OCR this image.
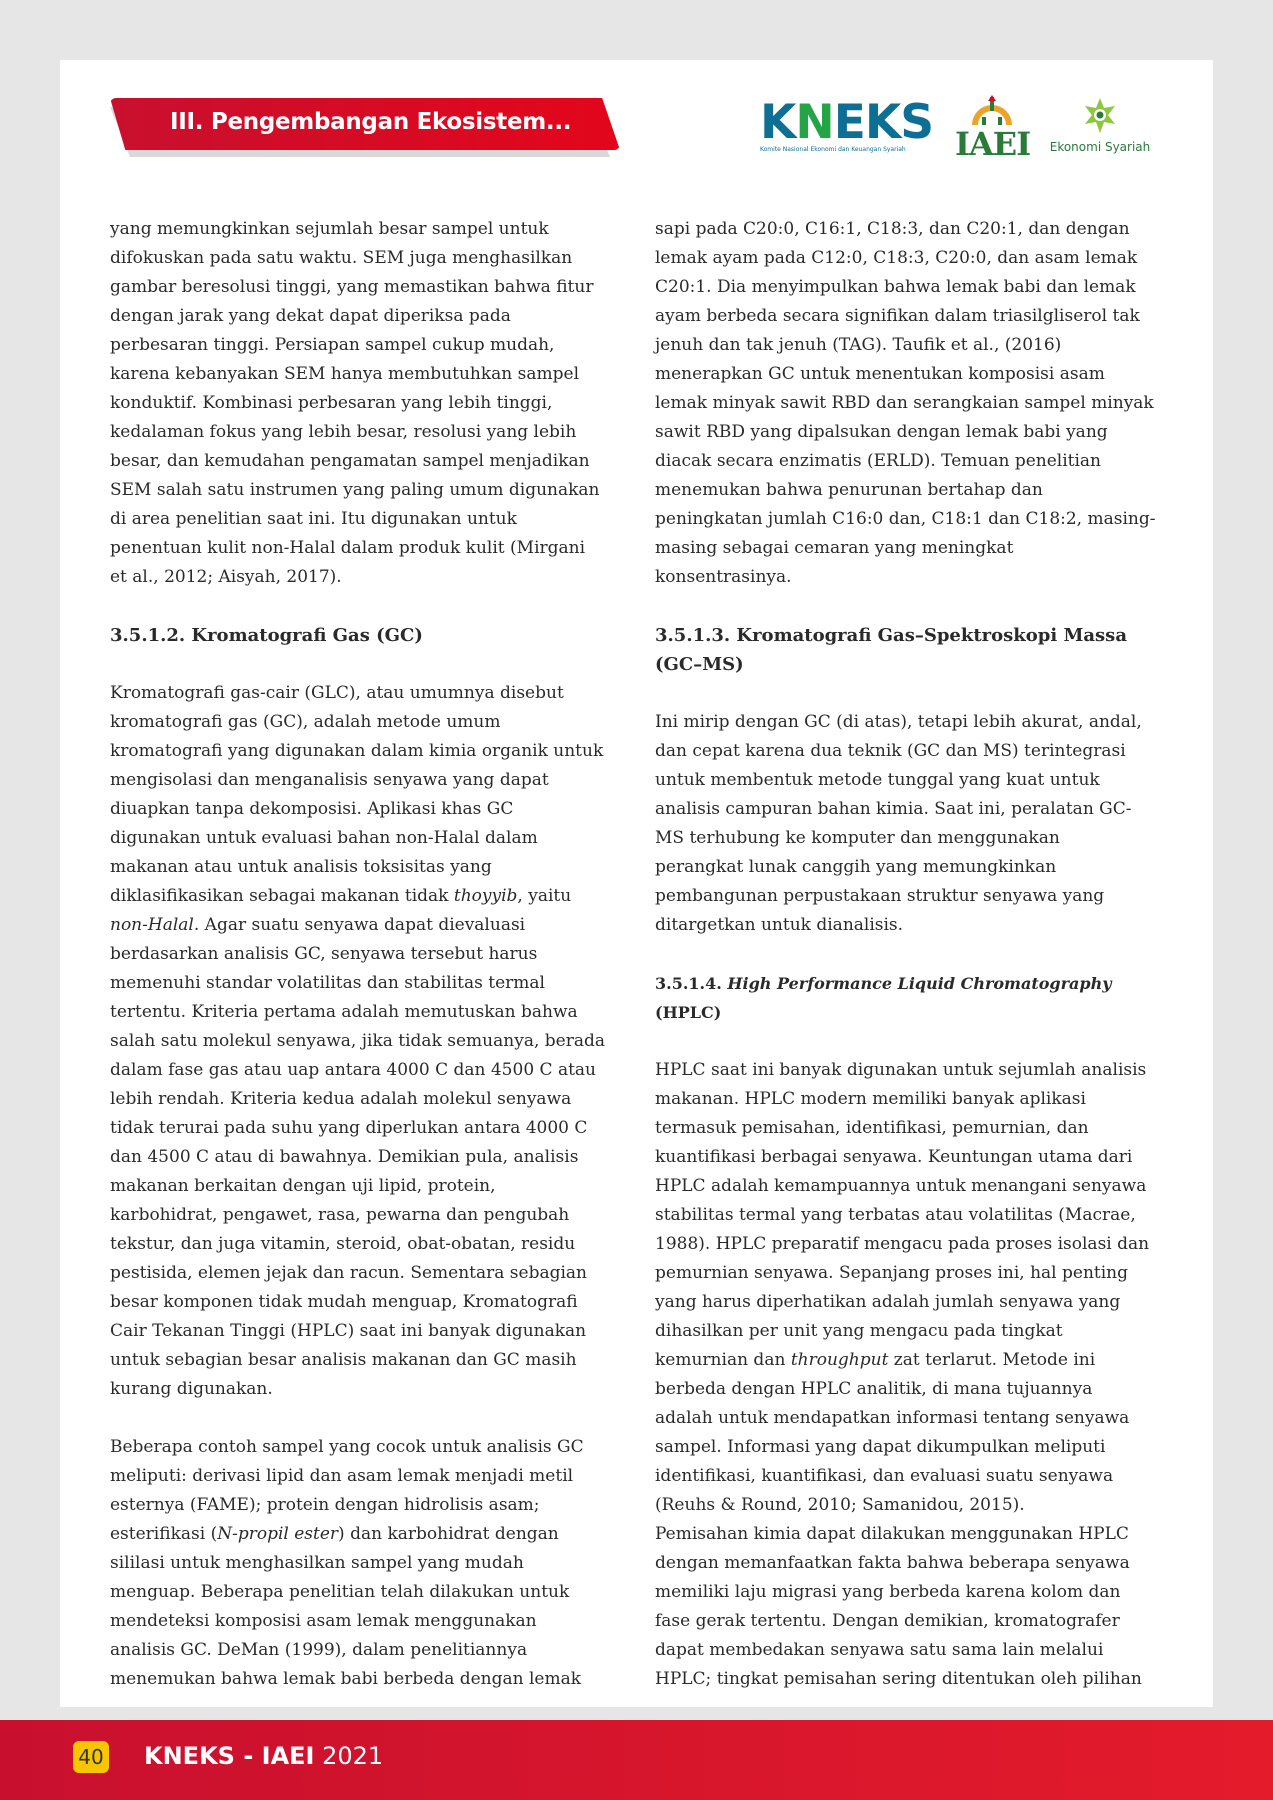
III. Pengembangan Ekosistem...	KNEKS
Komite Nasional Ekonomi dan Keuangan Syariah	IAEI	Ekonomi Syariah

yang memungkinkan sejumlah besar sampel untuk
difokuskan pada satu waktu. SEM juga menghasilkan
gambar beresolusi tinggi, yang memastikan bahwa fitur
dengan jarak yang dekat dapat diperiksa pada
perbesaran tinggi. Persiapan sampel cukup mudah,
karena kebanyakan SEM hanya membutuhkan sampel
konduktif. Kombinasi perbesaran yang lebih tinggi,
kedalaman fokus yang lebih besar, resolusi yang lebih
besar, dan kemudahan pengamatan sampel menjadikan
SEM salah satu instrumen yang paling umum digunakan
di area penelitian saat ini. Itu digunakan untuk
penentuan kulit non-Halal dalam produk kulit (Mirgani
et al., 2012; Aisyah, 2017).

3.5.1.2. Kromatografi Gas (GC)

Kromatografi gas-cair (GLC), atau umumnya disebut
kromatografi gas (GC), adalah metode umum
kromatografi yang digunakan dalam kimia organik untuk
mengisolasi dan menganalisis senyawa yang dapat
diuapkan tanpa dekomposisi. Aplikasi khas GC
digunakan untuk evaluasi bahan non-Halal dalam
makanan atau untuk analisis toksisitas yang
diklasifikasikan sebagai makanan tidak thoyyib, yaitu
non-Halal. Agar suatu senyawa dapat dievaluasi
berdasarkan analisis GC, senyawa tersebut harus
memenuhi standar volatilitas dan stabilitas termal
tertentu. Kriteria pertama adalah memutuskan bahwa
salah satu molekul senyawa, jika tidak semuanya, berada
dalam fase gas atau uap antara 4000 C dan 4500 C atau
lebih rendah. Kriteria kedua adalah molekul senyawa
tidak terurai pada suhu yang diperlukan antara 4000 C
dan 4500 C atau di bawahnya. Demikian pula, analisis
makanan berkaitan dengan uji lipid, protein,
karbohidrat, pengawet, rasa, pewarna dan pengubah
tekstur, dan juga vitamin, steroid, obat-obatan, residu
pestisida, elemen jejak dan racun. Sementara sebagian
besar komponen tidak mudah menguap, Kromatografi
Cair Tekanan Tinggi (HPLC) saat ini banyak digunakan
untuk sebagian besar analisis makanan dan GC masih
kurang digunakan.

Beberapa contoh sampel yang cocok untuk analisis GC
meliputi: derivasi lipid dan asam lemak menjadi metil
esternya (FAME); protein dengan hidrolisis asam;
esterifikasi (N-propil ester) dan karbohidrat dengan
sililasi untuk menghasilkan sampel yang mudah
menguap. Beberapa penelitian telah dilakukan untuk
mendeteksi komposisi asam lemak menggunakan
analisis GC. DeMan (1999), dalam penelitiannya
menemukan bahwa lemak babi berbeda dengan lemak

sapi pada C20:0, C16:1, C18:3, dan C20:1, dan dengan
lemak ayam pada C12:0, C18:3, C20:0, dan asam lemak
C20:1. Dia menyimpulkan bahwa lemak babi dan lemak
ayam berbeda secara signifikan dalam triasilgliserol tak
jenuh dan tak jenuh (TAG). Taufik et al., (2016)
menerapkan GC untuk menentukan komposisi asam
lemak minyak sawit RBD dan serangkaian sampel minyak
sawit RBD yang dipalsukan dengan lemak babi yang
diacak secara enzimatis (ERLD). Temuan penelitian
menemukan bahwa penurunan bertahap dan
peningkatan jumlah C16:0 dan, C18:1 dan C18:2, masing-
masing sebagai cemaran yang meningkat
konsentrasinya.

3.5.1.3. Kromatografi Gas–Spektroskopi Massa
(GC–MS)

Ini mirip dengan GC (di atas), tetapi lebih akurat, andal,
dan cepat karena dua teknik (GC dan MS) terintegrasi
untuk membentuk metode tunggal yang kuat untuk
analisis campuran bahan kimia. Saat ini, peralatan GC-
MS terhubung ke komputer dan menggunakan
perangkat lunak canggih yang memungkinkan
pembangunan perpustakaan struktur senyawa yang
ditargetkan untuk dianalisis.

3.5.1.4. High Performance Liquid Chromatography
(HPLC)

HPLC saat ini banyak digunakan untuk sejumlah analisis
makanan. HPLC modern memiliki banyak aplikasi
termasuk pemisahan, identifikasi, pemurnian, dan
kuantifikasi berbagai senyawa. Keuntungan utama dari
HPLC adalah kemampuannya untuk menangani senyawa
stabilitas termal yang terbatas atau volatilitas (Macrae,
1988). HPLC preparatif mengacu pada proses isolasi dan
pemurnian senyawa. Sepanjang proses ini, hal penting
yang harus diperhatikan adalah jumlah senyawa yang
dihasilkan per unit yang mengacu pada tingkat
kemurnian dan throughput zat terlarut. Metode ini
berbeda dengan HPLC analitik, di mana tujuannya
adalah untuk mendapatkan informasi tentang senyawa
sampel. Informasi yang dapat dikumpulkan meliputi
identifikasi, kuantifikasi, dan evaluasi suatu senyawa
(Reuhs & Round, 2010; Samanidou, 2015).
Pemisahan kimia dapat dilakukan menggunakan HPLC
dengan memanfaatkan fakta bahwa beberapa senyawa
memiliki laju migrasi yang berbeda karena kolom dan
fase gerak tertentu. Dengan demikian, kromatografer
dapat membedakan senyawa satu sama lain melalui
HPLC; tingkat pemisahan sering ditentukan oleh pilihan

40 KNEKS - IAEI 2021
